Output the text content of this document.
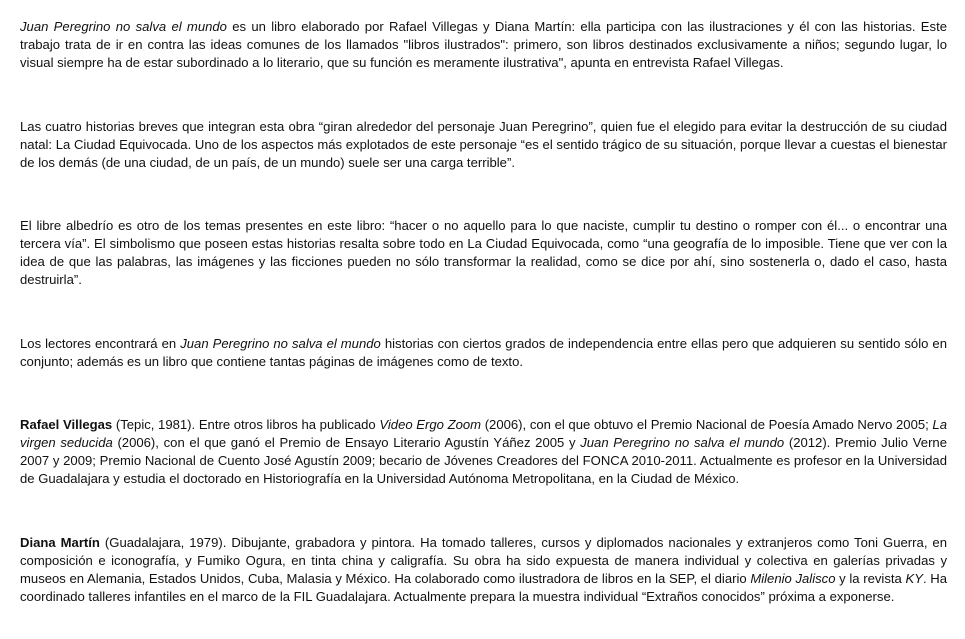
Juan Peregrino no salva el mundo es un libro elaborado por Rafael Villegas y Diana Martín: ella participa con las ilustraciones y él con las historias. Este trabajo trata de ir en contra las ideas comunes de los llamados "libros ilustrados": primero, son libros destinados exclusivamente a niños; segundo lugar, lo visual siempre ha de estar subordinado a lo literario, que su función es meramente ilustrativa", apunta en entrevista Rafael Villegas.

Las cuatro historias breves que integran esta obra “giran alrededor del personaje Juan Peregrino”, quien fue el elegido para evitar la destrucción de su ciudad natal: La Ciudad Equivocada. Uno de los aspectos más explotados de este personaje “es el sentido trágico de su situación, porque llevar a cuestas el bienestar de los demás (de una ciudad, de un país, de un mundo) suele ser una carga terrible”.

El libre albedrío es otro de los temas presentes en este libro: “hacer o no aquello para lo que naciste, cumplir tu destino o romper con él... o encontrar una tercera vía”. El simbolismo que poseen estas historias resalta sobre todo en La Ciudad Equivocada, como “una geografía de lo imposible. Tiene que ver con la idea de que las palabras, las imágenes y las ficciones pueden no sólo transformar la realidad, como se dice por ahí, sino sostenerla o, dado el caso, hasta destruirla”.

Los lectores encontrará en Juan Peregrino no salva el mundo historias con ciertos grados de independencia entre ellas pero que adquieren su sentido sólo en conjunto; además es un libro que contiene tantas páginas de imágenes como de texto.

Rafael Villegas (Tepic, 1981). Entre otros libros ha publicado Video Ergo Zoom (2006), con el que obtuvo el Premio Nacional de Poesía Amado Nervo 2005; La virgen seducida (2006), con el que ganó el Premio de Ensayo Literario Agustín Yáñez 2005 y Juan Peregrino no salva el mundo (2012). Premio Julio Verne 2007 y 2009; Premio Nacional de Cuento José Agustín 2009; becario de Jóvenes Creadores del FONCA 2010-2011. Actualmente es profesor en la Universidad de Guadalajara y estudia el doctorado en Historiografía en la Universidad Autónoma Metropolitana, en la Ciudad de México.

Diana Martín (Guadalajara, 1979). Dibujante, grabadora y pintora. Ha tomado talleres, cursos y diplomados nacionales y extranjeros como Toni Guerra, en composición e iconografía, y Fumiko Ogura, en tinta china y caligrafía. Su obra ha sido expuesta de manera individual y colectiva en galerías privadas y museos en Alemania, Estados Unidos, Cuba, Malasia y México. Ha colaborado como ilustradora de libros en la SEP, el diario Milenio Jalisco y la revista KY. Ha coordinado talleres infantiles en el marco de la FIL Guadalajara. Actualmente prepara la muestra individual “Extraños conocidos” próxima a exponerse.
